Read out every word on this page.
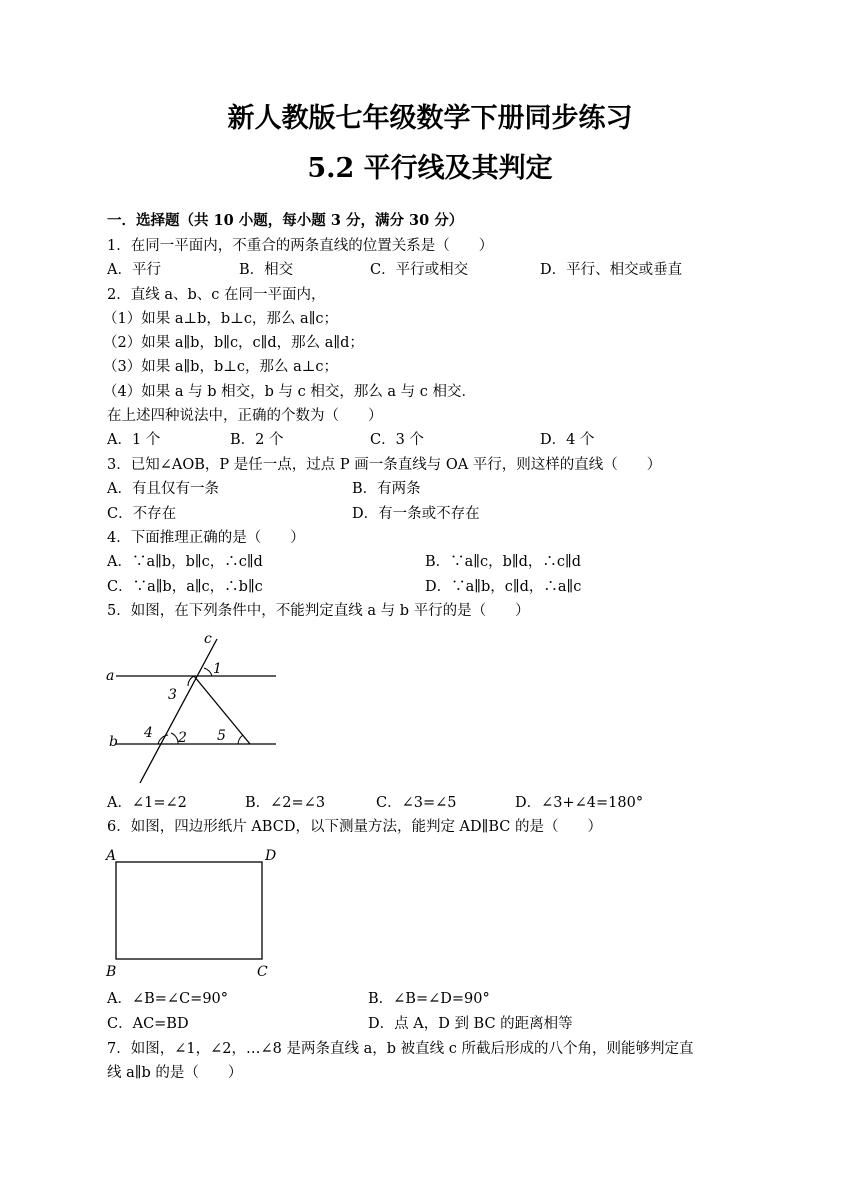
新人教版七年级数学下册同步练习
5.2 平行线及其判定
一．选择题（共 10 小题，每小题 3 分，满分 30 分）
1．在同一平面内，不重合的两条直线的位置关系是（　　）
A．平行	B．相交	C．平行或相交	D．平行、相交或垂直
2．直线 a、b、c 在同一平面内，
（1）如果 a⊥b，b⊥c，那么 a∥c；
（2）如果 a∥b，b∥c，c∥d，那么 a∥d；
（3）如果 a∥b，b⊥c，那么 a⊥c；
（4）如果 a 与 b 相交，b 与 c 相交，那么 a 与 c 相交．
在上述四种说法中，正确的个数为（　　）
A．1 个	B．2 个	C．3 个	D．4 个
3．已知∠AOB，P 是任一点，过点 P 画一条直线与 OA 平行，则这样的直线（　　）
A．有且仅有一条	B．有两条
C．不存在	D．有一条或不存在
4．下面推理正确的是（　　）
A．∵a∥b，b∥c，∴c∥d	B．∵a∥c，b∥d，∴c∥d
C．∵a∥b，a∥c，∴b∥c	D．∵a∥b，c∥d，∴a∥c
5．如图，在下列条件中，不能判定直线 a 与 b 平行的是（　　）
c
a
b
1
3
4 2 5
A．∠1=∠2	B．∠2=∠3	C．∠3=∠5	D．∠3+∠4=180°
6．如图，四边形纸片 ABCD，以下测量方法，能判定 AD∥BC 的是（　　）
A	D
B	C
A．∠B=∠C=90°	B．∠B=∠D=90°
C．AC=BD	D．点 A，D 到 BC 的距离相等
7．如图，∠1，∠2，…∠8 是两条直线 a，b 被直线 c 所截后形成的八个角，则能够判定直
线 a∥b 的是（　　）
